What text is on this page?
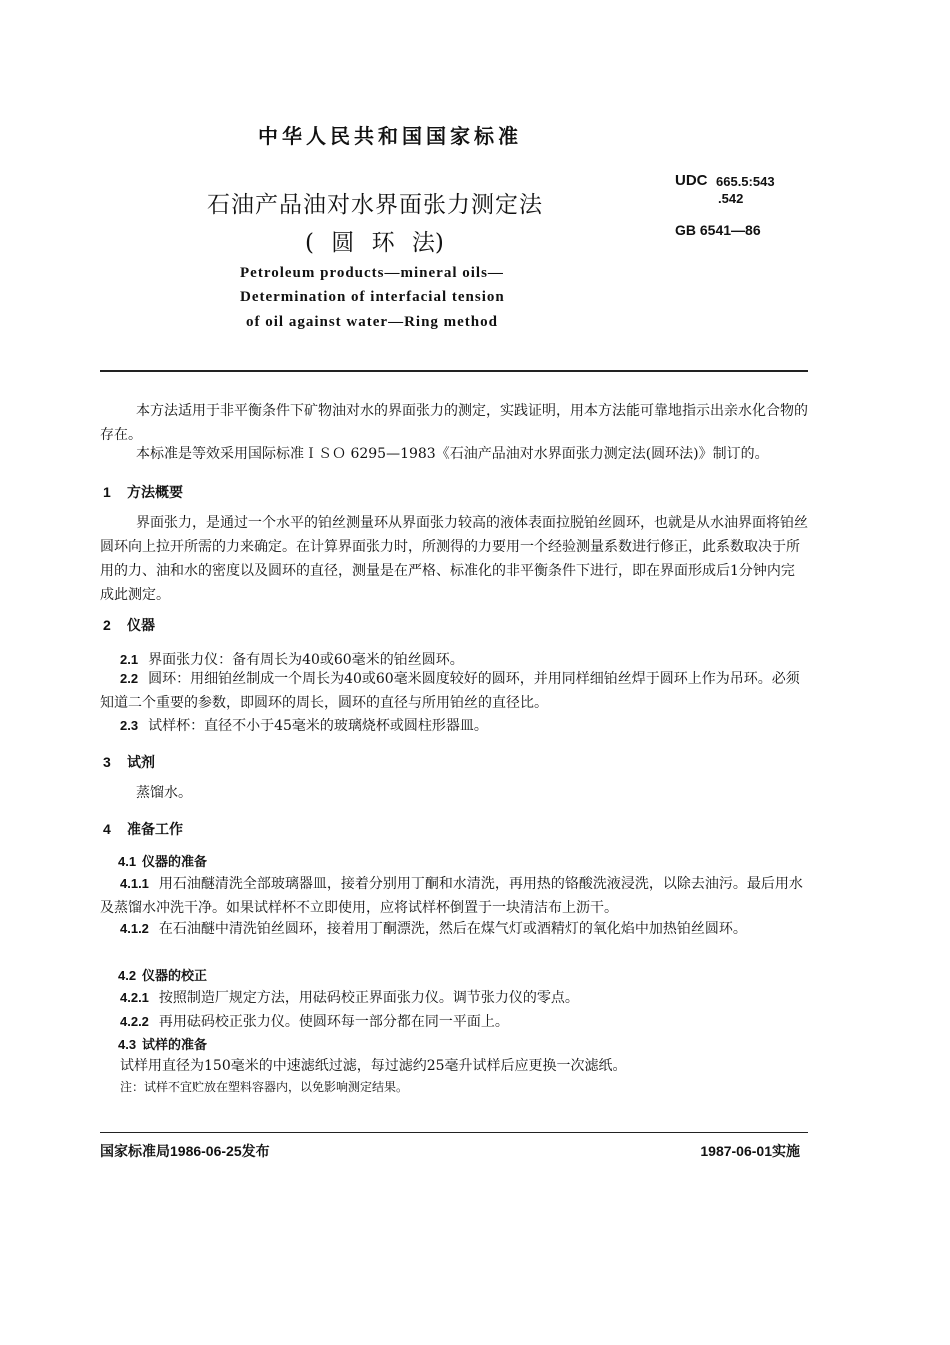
中华人民共和国国家标准
石油产品油对水界面张力测定法
( 圆 环 法)
Petroleum products—mineral oils—
Determination of interfacial tension
of oil against water—Ring method
UDC 665.5:543
.542
GB 6541—86
本方法适用于非平衡条件下矿物油对水的界面张力的测定，实践证明，用本方法能可靠地指示出亲水化合物的存在。
本标准是等效采用国际标准ＩＳＯ 6295—1983《石油产品油对水界面张力测定法(圆环法)》制订的。
1 方法概要
界面张力，是通过一个水平的铂丝测量环从界面张力较高的液体表面拉脱铂丝圆环，也就是从水油界面将铂丝圆环向上拉开所需的力来确定。在计算界面张力时，所测得的力要用一个经验测量系数进行修正，此系数取决于所用的力、油和水的密度以及圆环的直径，测量是在严格、标准化的非平衡条件下进行，即在界面形成后1分钟内完成此测定。
2 仪器
2.1 界面张力仪：备有周长为40或60毫米的铂丝圆环。
2.2 圆环：用细铂丝制成一个周长为40或60毫米圆度较好的圆环，并用同样细铂丝焊于圆环上作为吊环。必须知道二个重要的参数，即圆环的周长，圆环的直径与所用铂丝的直径比。
2.3 试样杯：直径不小于45毫米的玻璃烧杯或圆柱形器皿。
3 试剂
蒸馏水。
4 准备工作
4.1 仪器的准备
4.1.1 用石油醚清洗全部玻璃器皿，接着分别用丁酮和水清洗，再用热的铬酸洗液浸洗，以除去油污。最后用水及蒸馏水冲洗干净。如果试样杯不立即使用，应将试样杯倒置于一块清洁布上沥干。
4.1.2 在石油醚中清洗铂丝圆环，接着用丁酮漂洗，然后在煤气灯或酒精灯的氧化焰中加热铂丝圆环。
4.2 仪器的校正
4.2.1 按照制造厂规定方法，用砝码校正界面张力仪。调节张力仪的零点。
4.2.2 再用砝码校正张力仪。使圆环每一部分都在同一平面上。
4.3 试样的准备
试样用直径为150毫米的中速滤纸过滤，每过滤约25毫升试样后应更换一次滤纸。
注：试样不宜贮放在塑料容器内，以免影响测定结果。
国家标准局1986-06-25发布	1987-06-01实施
